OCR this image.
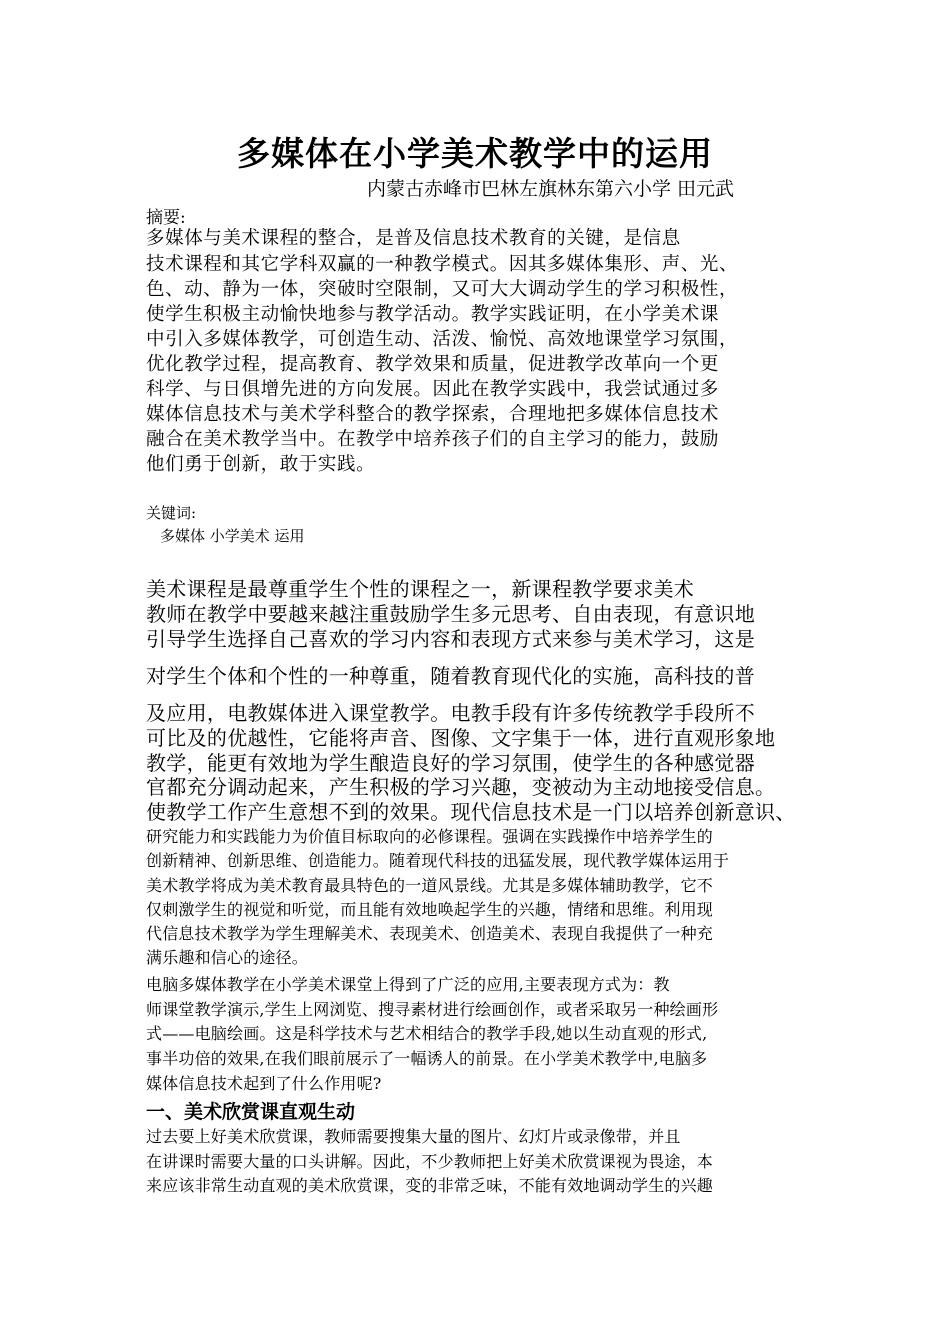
多媒体在小学美术教学中的运用
内蒙古赤峰市巴林左旗林东第六小学 田元武
摘要:
多媒体与美术课程的整合，是普及信息技术教育的关键，是信息
技术课程和其它学科双赢的一种教学模式。因其多媒体集形、声、光、
色、动、静为一体，突破时空限制，又可大大调动学生的学习积极性，
使学生积极主动愉快地参与教学活动。教学实践证明，在小学美术课
中引入多媒体教学，可创造生动、活泼、愉悦、高效地课堂学习氛围，
优化教学过程，提高教育、教学效果和质量，促进教学改革向一个更
科学、与日俱增先进的方向发展。因此在教学实践中，我尝试通过多
媒体信息技术与美术学科整合的教学探索，合理地把多媒体信息技术
融合在美术教学当中。在教学中培养孩子们的自主学习的能力，鼓励
他们勇于创新，敢于实践。
关键词:
多媒体 小学美术 运用
美术课程是最尊重学生个性的课程之一，新课程教学要求美术
教师在教学中要越来越注重鼓励学生多元思考、自由表现，有意识地
引导学生选择自己喜欢的学习内容和表现方式来参与美术学习，这是
对学生个体和个性的一种尊重，随着教育现代化的实施，高科技的普
及应用，电教媒体进入课堂教学。电教手段有许多传统教学手段所不
可比及的优越性，它能将声音、图像、文字集于一体，进行直观形象地
教学，能更有效地为学生酿造良好的学习氛围，使学生的各种感觉器
官都充分调动起来，产生积极的学习兴趣，变被动为主动地接受信息。
使教学工作产生意想不到的效果。现代信息技术是一门以培养创新意识、
研究能力和实践能力为价值目标取向的必修课程。强调在实践操作中培养学生的
创新精神、创新思维、创造能力。随着现代科技的迅猛发展，现代教学媒体运用于
美术教学将成为美术教育最具特色的一道风景线。尤其是多媒体辅助教学，它不
仅刺激学生的视觉和听觉，而且能有效地唤起学生的兴趣，情绪和思维。利用现
代信息技术教学为学生理解美术、表现美术、创造美术、表现自我提供了一种充
满乐趣和信心的途径。
电脑多媒体教学在小学美术课堂上得到了广泛的应用,主要表现方式为：教
师课堂教学演示,学生上网浏览、搜寻素材进行绘画创作，或者采取另一种绘画形
式——电脑绘画。这是科学技术与艺术相结合的教学手段,她以生动直观的形式,
事半功倍的效果,在我们眼前展示了一幅诱人的前景。在小学美术教学中,电脑多
媒体信息技术起到了什么作用呢?
一、美术欣赏课直观生动
过去要上好美术欣赏课，教师需要搜集大量的图片、幻灯片或录像带，并且
在讲课时需要大量的口头讲解。因此，不少教师把上好美术欣赏课视为畏途，本
来应该非常生动直观的美术欣赏课，变的非常乏味，不能有效地调动学生的兴趣
